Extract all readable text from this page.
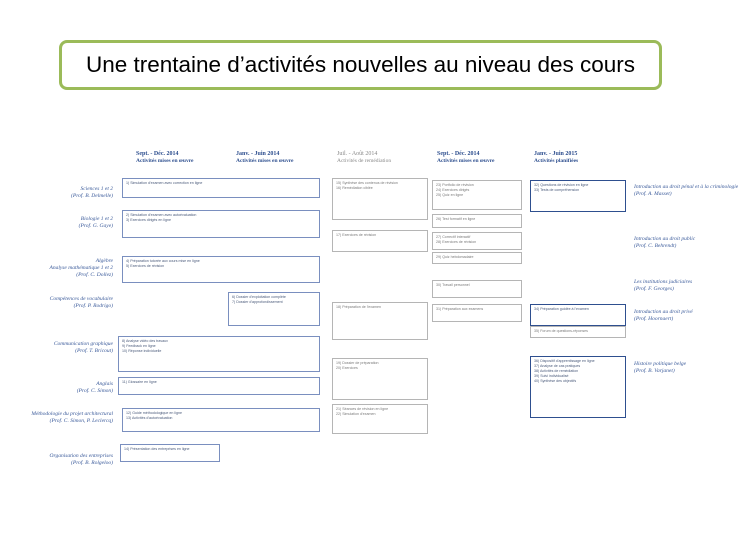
Une trentaine d’activités nouvelles au niveau des cours
Sept. - Déc. 2014
Activités mises en œuvre
Janv. - Juin 2014
Activités mises en œuvre
Juil. - Août 2014
Activités de remédiation
Sept. - Déc. 2014
Activités mises en œuvre
Janv. - Juin 2015
Activités planifiées
Sciences 1 et 2
(Prof. B. Delmelle)
Biologie 1 et 2
(Prof. G. Gaye)
Algèbre
Analyse mathématique 1 et 2
(Prof. C. Dollez)
Compétences de vocabulaire
(Prof. P. Rodrigo)
Communication graphique
(Prof. T. Bricout)
Anglais
(Prof. C. Simon)
Méthodologie du projet architectural
(Prof. C. Simon, P. Leclercq)
Organisation des entreprises
(Prof. B. Rolgeloo)
Introduction au droit pénal et à la criminologie
(Prof. A. Masset)
Introduction au droit public
(Prof. C. Behrendt)
Les institutions judiciaires
(Prof. F. Georges)
Introduction au droit privé
(Prof. Hoornaert)
Histoire politique belge
(Prof. B. Varjanet)
1) Simulation d'examen avec correction en ligne
2) Simulation d'examen avec autoévaluation
3) Exercices dirigés en ligne
4) Préparation tutorée aux cours mise en ligne
5) Exercices de révision
6) Dossier d'exploitation complète
7) Dossier d'approfondissement
8) Analyse vidéo des travaux
9) Feedback en ligne
10) Réponse individuelle
11) Glossaire en ligne
12) Guide méthodologique en ligne
13) Activités d'autoévaluation
14) Présentation des entreprises en ligne
15) Synthèse des contenus de révision
16) Remédiation ciblée
17) Exercices de révision
18) Préparation de l'examen
19) Dossier de préparation
20) Exercices
21) Séances de révision en ligne
22) Simulation d'examen
23) Portfolio de révision
24) Exercices dirigés
25) Quiz en ligne
26) Test formatif en ligne
27) Correctif interactif
28) Exercices de révision
29) Quiz hebdomadaire
30) Travail personnel
31) Préparation aux examens
32) Questions de révision en ligne
33) Tests de compréhension
34) Préparation guidée à l'examen
35) Forum de questions-réponses
36) Dispositif d'apprentissage en ligne
37) Analyse de cas pratiques
38) Activités de remédiation
39) Suivi individualisé
40) Synthèse des objectifs
